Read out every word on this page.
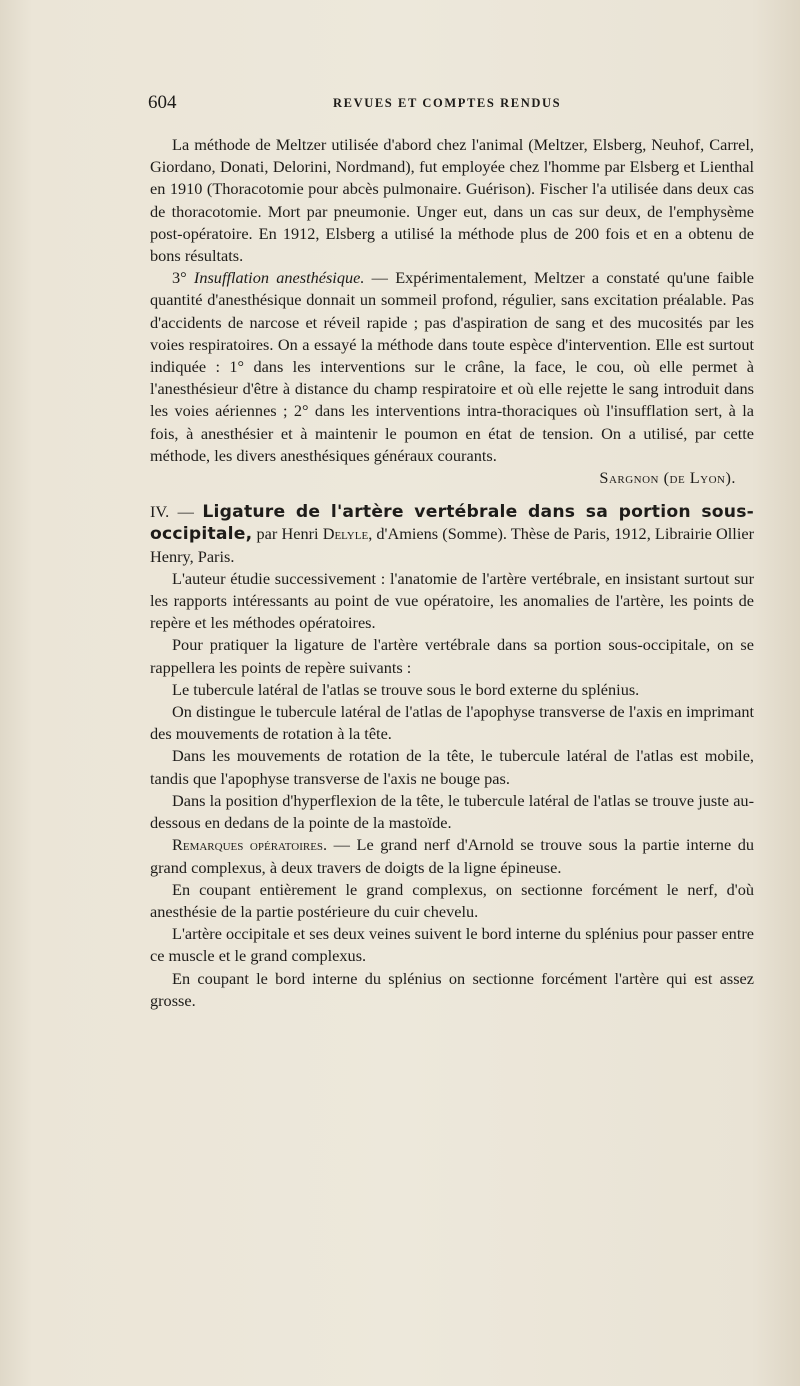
604	REVUES ET COMPTES RENDUS

La méthode de Meltzer utilisée d'abord chez l'animal (Meltzer, Elsberg, Neuhof, Carrel, Giordano, Donati, Delorini, Nordmand), fut employée chez l'homme par Elsberg et Lienthal en 1910 (Thoracotomie pour abcès pulmonaire. Guérison). Fischer l'a utilisée dans deux cas de thoracotomie. Mort par pneumonie. Unger eut, dans un cas sur deux, de l'emphysème post-opératoire. En 1912, Elsberg a utilisé la méthode plus de 200 fois et en a obtenu de bons résultats.

3° Insufflation anesthésique. — Expérimentalement, Meltzer a constaté qu'une faible quantité d'anesthésique donnait un sommeil profond, régulier, sans excitation préalable. Pas d'accidents de narcose et réveil rapide ; pas d'aspiration de sang et des mucosités par les voies respiratoires. On a essayé la méthode dans toute espèce d'intervention. Elle est surtout indiquée : 1° dans les interventions sur le crâne, la face, le cou, où elle permet à l'anesthésieur d'être à distance du champ respiratoire et où elle rejette le sang introduit dans les voies aériennes ; 2° dans les interventions intra-thoraciques où l'insufflation sert, à la fois, à anesthésier et à maintenir le poumon en état de tension. On a utilisé, par cette méthode, les divers anesthésiques généraux courants.

Sargnon (de Lyon).

IV. — Ligature de l'artère vertébrale dans sa portion sous-occipitale, par Henri Delyle, d'Amiens (Somme). Thèse de Paris, 1912, Librairie Ollier Henry, Paris.

L'auteur étudie successivement : l'anatomie de l'artère vertébrale, en insistant surtout sur les rapports intéressants au point de vue opératoire, les anomalies de l'artère, les points de repère et les méthodes opératoires.

Pour pratiquer la ligature de l'artère vertébrale dans sa portion sous-occipitale, on se rappellera les points de repère suivants :

Le tubercule latéral de l'atlas se trouve sous le bord externe du splénius.

On distingue le tubercule latéral de l'atlas de l'apophyse transverse de l'axis en imprimant des mouvements de rotation à la tête.

Dans les mouvements de rotation de la tête, le tubercule latéral de l'atlas est mobile, tandis que l'apophyse transverse de l'axis ne bouge pas.

Dans la position d'hyperflexion de la tête, le tubercule latéral de l'atlas se trouve juste au-dessous en dedans de la pointe de la mastoïde.

Remarques opératoires. — Le grand nerf d'Arnold se trouve sous la partie interne du grand complexus, à deux travers de doigts de la ligne épineuse.

En coupant entièrement le grand complexus, on sectionne forcément le nerf, d'où anesthésie de la partie postérieure du cuir chevelu.

L'artère occipitale et ses deux veines suivent le bord interne du splénius pour passer entre ce muscle et le grand complexus.

En coupant le bord interne du splénius on sectionne forcément l'artère qui est assez grosse.
